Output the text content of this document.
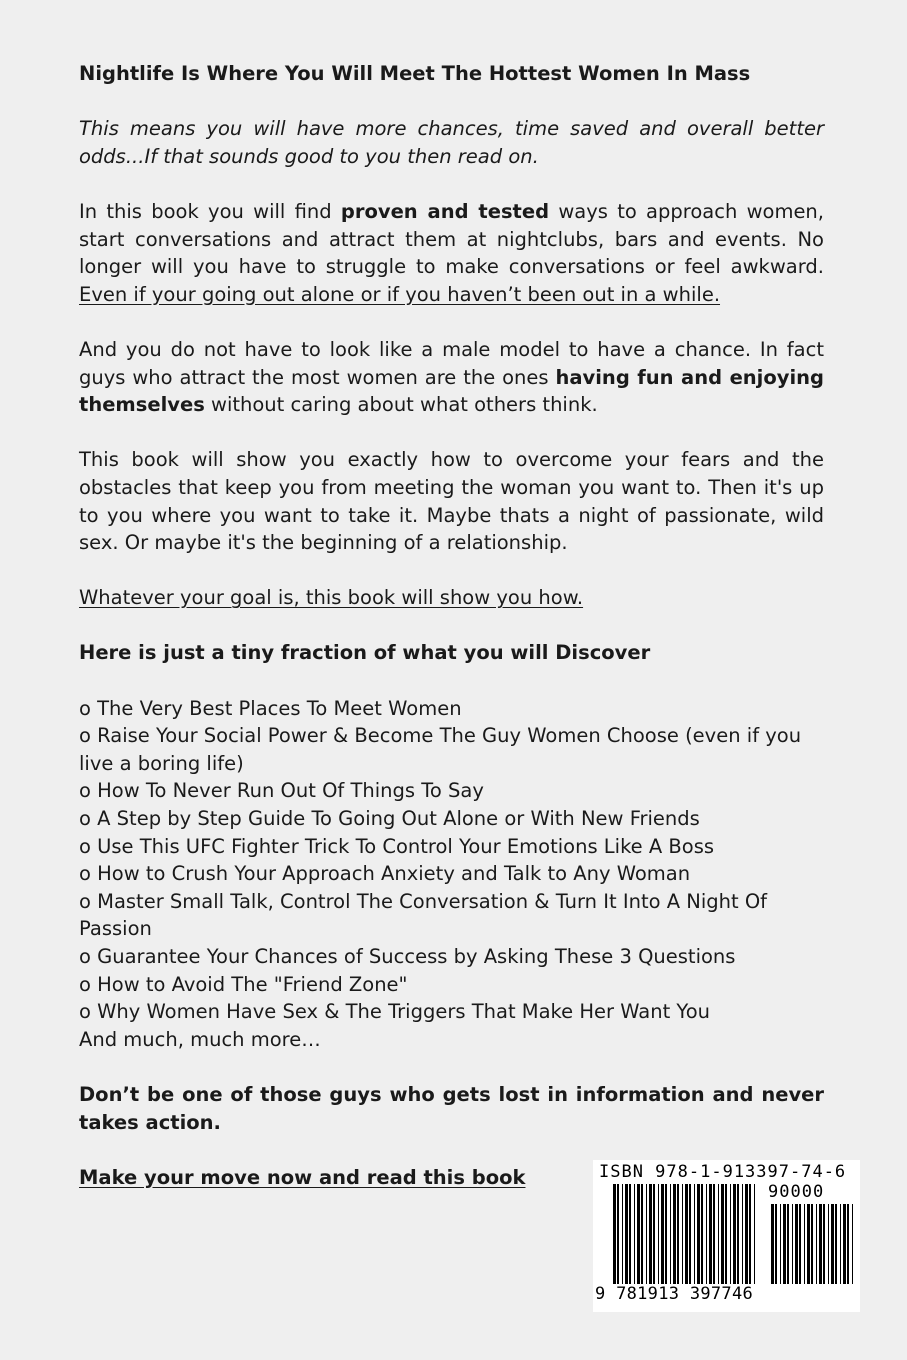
Nightlife Is Where You Will Meet The Hottest Women In Mass

This means you will have more chances, time saved and overall better odds...If that sounds good to you then read on.

In this book you will find proven and tested ways to approach women, start conversations and attract them at nightclubs, bars and events. No longer will you have to struggle to make conversations or feel awkward. Even if your going out alone or if you haven’t been out in a while.

And you do not have to look like a male model to have a chance. In fact guys who attract the most women are the ones having fun and enjoying themselves without caring about what others think.

This book will show you exactly how to overcome your fears and the obstacles that keep you from meeting the woman you want to. Then it's up to you where you want to take it. Maybe thats a night of passionate, wild sex. Or maybe it's the beginning of a relationship.

Whatever your goal is, this book will show you how.

Here is just a tiny fraction of what you will Discover

o The Very Best Places To Meet Women
o Raise Your Social Power & Become The Guy Women Choose (even if you live a boring life)
o How To Never Run Out Of Things To Say
o A Step by Step Guide To Going Out Alone or With New Friends
o Use This UFC Fighter Trick To Control Your Emotions Like A Boss
o How to Crush Your Approach Anxiety and Talk to Any Woman
o Master Small Talk, Control The Conversation & Turn It Into A Night Of Passion
o Guarantee Your Chances of Success by Asking These 3 Questions
o How to Avoid The "Friend Zone"
o Why Women Have Sex & The Triggers That Make Her Want You
And much, much more…

Don’t be one of those guys who gets lost in information and never takes action.

Make your move now and read this book	ISBN 978-1-913397-74-6
90000
9 781913 397746
